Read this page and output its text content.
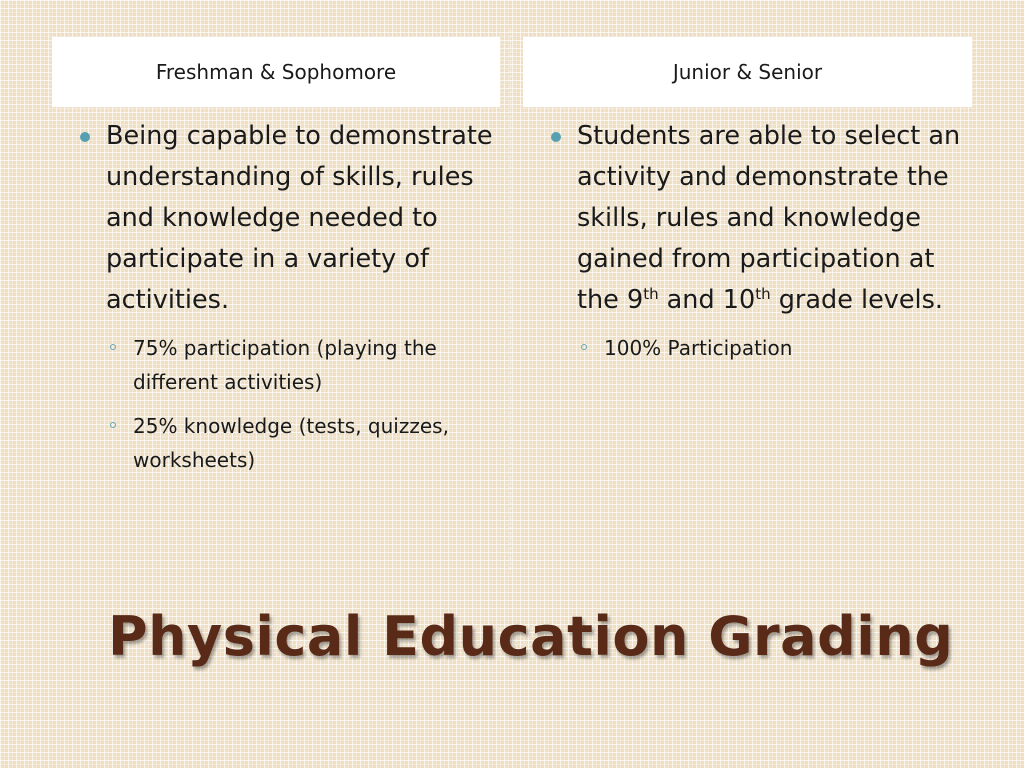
Freshman & Sophomore	Junior & Senior
Being capable to demonstrate understanding of skills, rules and knowledge needed to participate in a variety of activities.
75% participation (playing the different activities)
25% knowledge (tests, quizzes, worksheets)
Students are able to select an activity and demonstrate the skills, rules and knowledge gained from participation at the 9th and 10th grade levels.
100% Participation
Physical Education Grading
